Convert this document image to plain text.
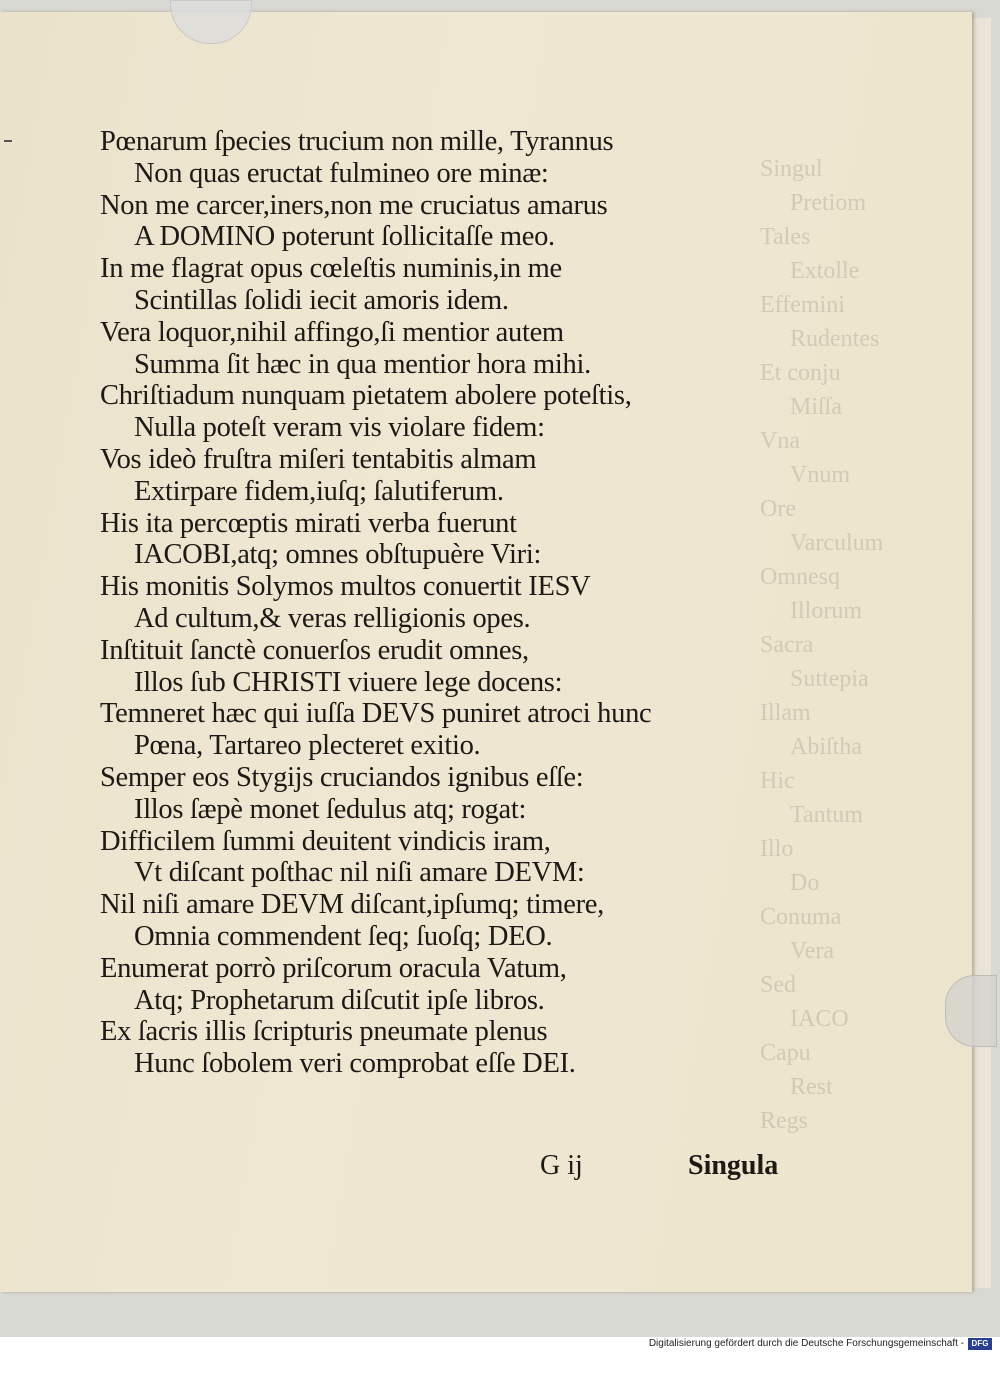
Singul
Pretiom
Tales
Extolle
Effemini
Rudentes
Et conju
Miſſa
Vna
Vnum
Ore
Varculum
Omnesq
Illorum
Sacra
Suttepia
Illam
Abiſtha
Hic
Tantum
Illo
Do
Conuma
Vera
Sed
IACO
Capu
Rest
Regs
Pœnarum ſpecies trucium non mille, Tyrannus
Non quas eructat fulmineo ore minæ:
Non me carcer,iners,non me cruciatus amarus
A DOMINO poterunt ſollicitaſſe meo.
In me flagrat opus cœleſtis numinis,in me
Scintillas ſolidi iecit amoris idem.
Vera loquor,nihil affingo,ſi mentior autem
Summa ſit hæc in qua mentior hora mihi.
Chriſtiadum nunquam pietatem abolere poteſtis,
Nulla poteſt veram vis violare fidem:
Vos ideò fruſtra miſeri tentabitis almam
Extirpare fidem,iuſq; ſalutiferum.
His ita percœptis mirati verba fuerunt
IACOBI,atq; omnes obſtupuère Viri:
His monitis Solymos multos conuertit IESV
Ad cultum,& veras relligionis opes.
Inſtituit ſanctè conuerſos erudit omnes,
Illos ſub CHRISTI viuere lege docens:
Temneret hæc qui iuſſa DEVS puniret atroci hunc
Pœna, Tartareo plecteret exitio.
Semper eos Stygijs cruciandos ignibus eſſe:
Illos ſæpè monet ſedulus atq; rogat:
Difficilem ſummi deuitent vindicis iram,
Vt diſcant poſthac nil niſi amare DEVM:
Nil niſi amare DEVM diſcant,ipſumq; timere,
Omnia commendent ſeq; ſuoſq; DEO.
Enumerat porrò priſcorum oracula Vatum,
Atq; Prophetarum diſcutit ipſe libros.
Ex ſacris illis ſcripturis pneumate plenus
Hunc ſobolem veri comprobat eſſe DEI.
G ij	Singula
Digitalisierung gefördert durch die Deutsche Forschungsgemeinschaft - DFG
